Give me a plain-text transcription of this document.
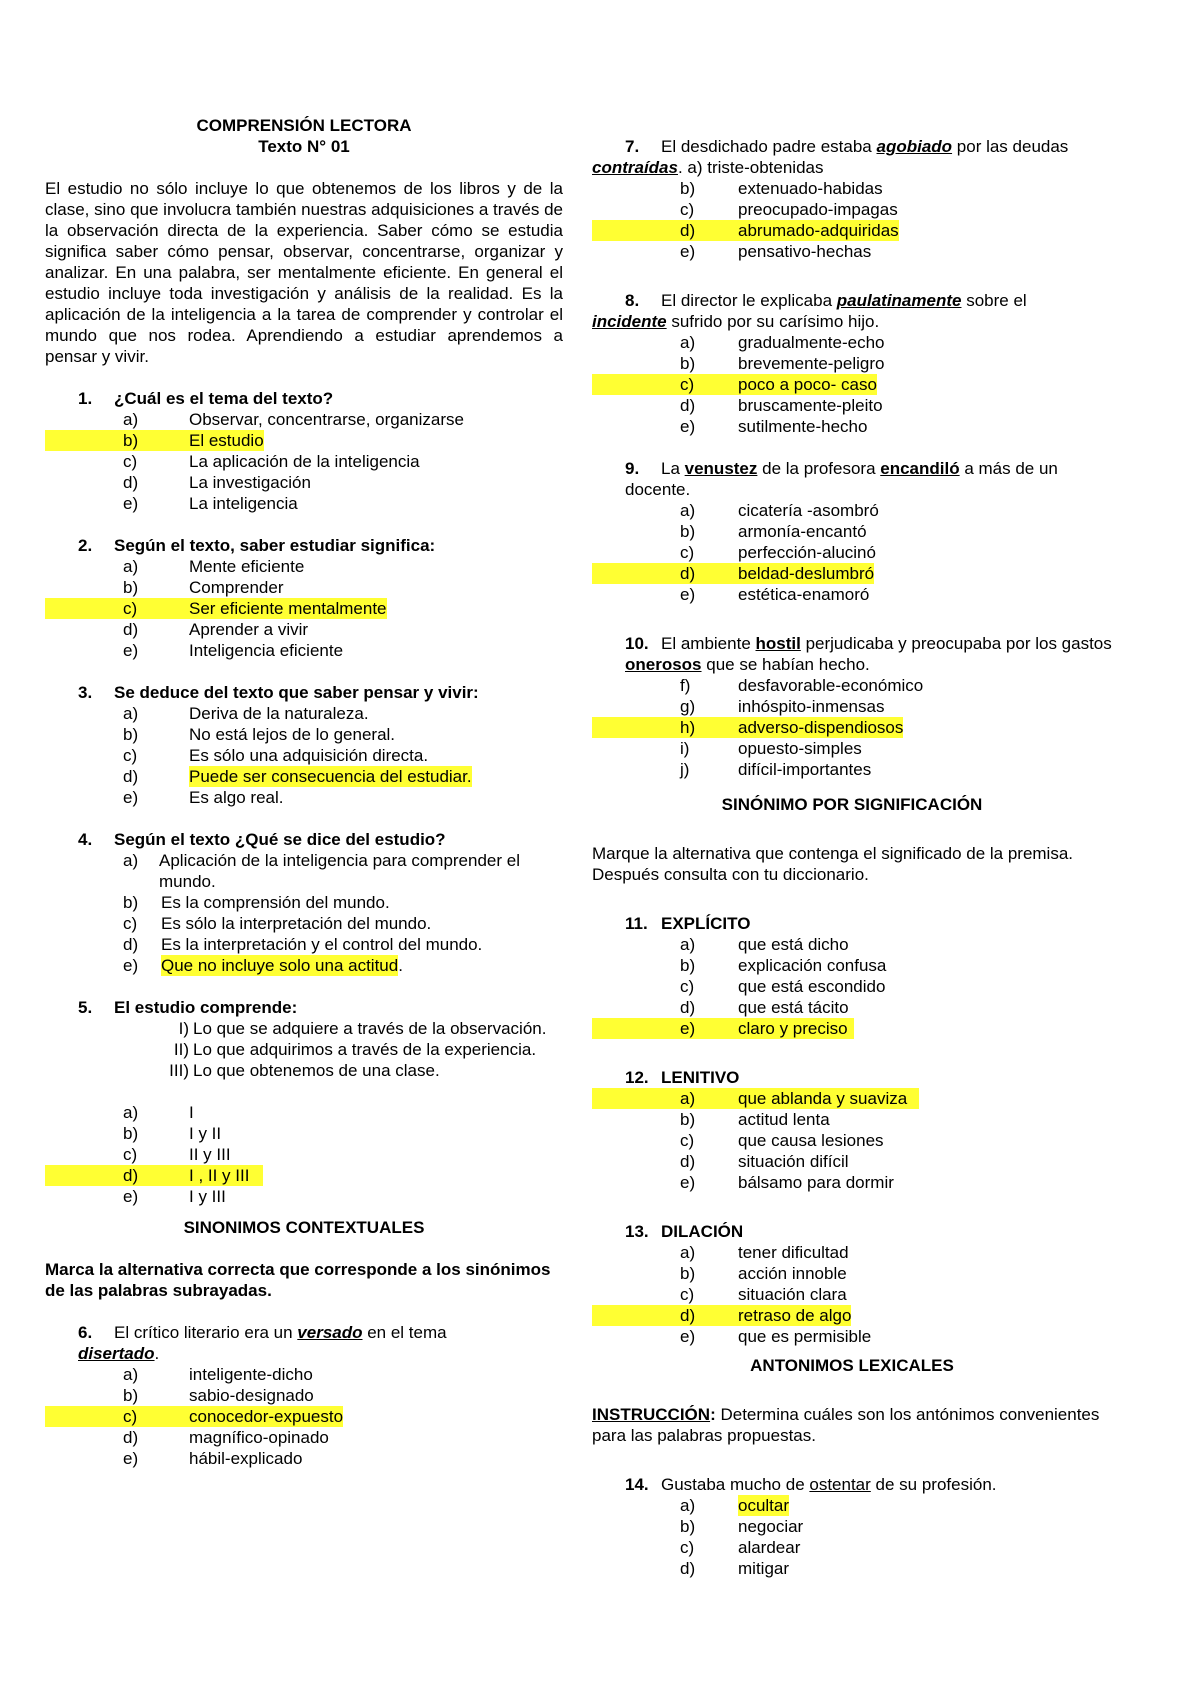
COMPRENSIÓN LECTORA

Texto N° 01

El estudio no sólo incluye lo que obtenemos de los libros y de la clase, sino que involucra también nuestras adquisiciones a través de la observación directa de la experiencia. Saber cómo se estudia significa saber cómo pensar, observar, concentrarse, organizar y analizar. En una palabra, ser mentalmente eficiente. En general el estudio incluye toda investigación y análisis de la realidad. Es la aplicación de la inteligencia a la tarea de comprender y controlar el mundo que nos rodea. Aprendiendo a estudiar aprendemos a pensar y vivir.

1.	¿Cuál es el tema del texto?
a)	Observar, concentrarse, organizarse
b)	El estudio
c)	La aplicación de la inteligencia
d)	La investigación
e)	La inteligencia
2.	Según el texto, saber estudiar significa:
a)	Mente eficiente
b)	Comprender
c)	Ser eficiente mentalmente
d)	Aprender a vivir
e)	Inteligencia eficiente
3.	Se deduce del texto que saber pensar y vivir:
a)	Deriva de la naturaleza.
b)	No está lejos de lo general.
c)	Es sólo una adquisición directa.
d)	Puede ser consecuencia del estudiar.
e)	Es algo real.
4.	Según el texto ¿Qué se dice del estudio?
a)	Aplicación de la inteligencia para comprender el mundo.
b)	Es la comprensión del mundo.
c)	Es sólo la interpretación del mundo.
d)	Es la interpretación y el control del mundo.
e)	Que no incluye solo una actitud .
5.	El estudio comprende:
I) Lo que se adquiere a través de la observación.
II) Lo que adquirimos a través de la experiencia.
III) Lo que obtenemos de una clase.
a)	I
b)	I y II
c)	II y III
d)	I , II y III
e)	I y III

SINONIMOS CONTEXTUALES

Marca la alternativa correcta que corresponde a los sinónimos de las palabras subrayadas.

6. El crítico literario era un versado en el tema
disertado.
a)	inteligente-dicho
b)	sabio-designado
c)	conocedor-expuesto
d)	magnífico-opinado
e)	hábil-explicado
7. El desdichado padre estaba agobiado por las deudas
contraídas. a) triste-obtenidas
b)	extenuado-habidas
c)	preocupado-impagas
d)	abrumado-adquiridas
e)	pensativo-hechas
8. El director le explicaba paulatinamente sobre el
incidente sufrido por su carísimo hijo.
a)	gradualmente-echo
b)	brevemente-peligro
c)	poco a poco- caso
d)	bruscamente-pleito
e)	sutilmente-hecho
9. La venustez de la profesora encandiló a más de un docente.
a)	cicatería -asombró
b)	armonía-encantó
c)	perfección-alucinó
d)	beldad-deslumbró
e)	estética-enamoró
10. El ambiente hostil perjudicaba y preocupaba por los gastos onerosos que se habían hecho.
f)	desfavorable-económico
g)	inhóspito-inmensas
h)	adverso-dispendiosos
i)	opuesto-simples
j)	difícil-importantes

SINÓNIMO POR SIGNIFICACIÓN

Marque la alternativa que contenga el significado de la premisa. Después consulta con tu diccionario.

11. EXPLÍCITO
a)	que está dicho
b)	explicación confusa
c)	que está escondido
d)	que está tácito
e)	claro y preciso
12. LENITIVO
a)	que ablanda y suaviza
b)	actitud lenta
c)	que causa lesiones
d)	situación difícil
e)	bálsamo para dormir
13. DILACIÓN
a)	tener dificultad
b)	acción innoble
c)	situación clara
d)	retraso de algo
e)	que es permisible

ANTONIMOS LEXICALES

INSTRUCCIÓN: Determina cuáles son los antónimos convenientes para las palabras propuestas.

14. Gustaba mucho de ostentar de su profesión.
a)	ocultar
b)	negociar
c)	alardear
d)	mitigar
